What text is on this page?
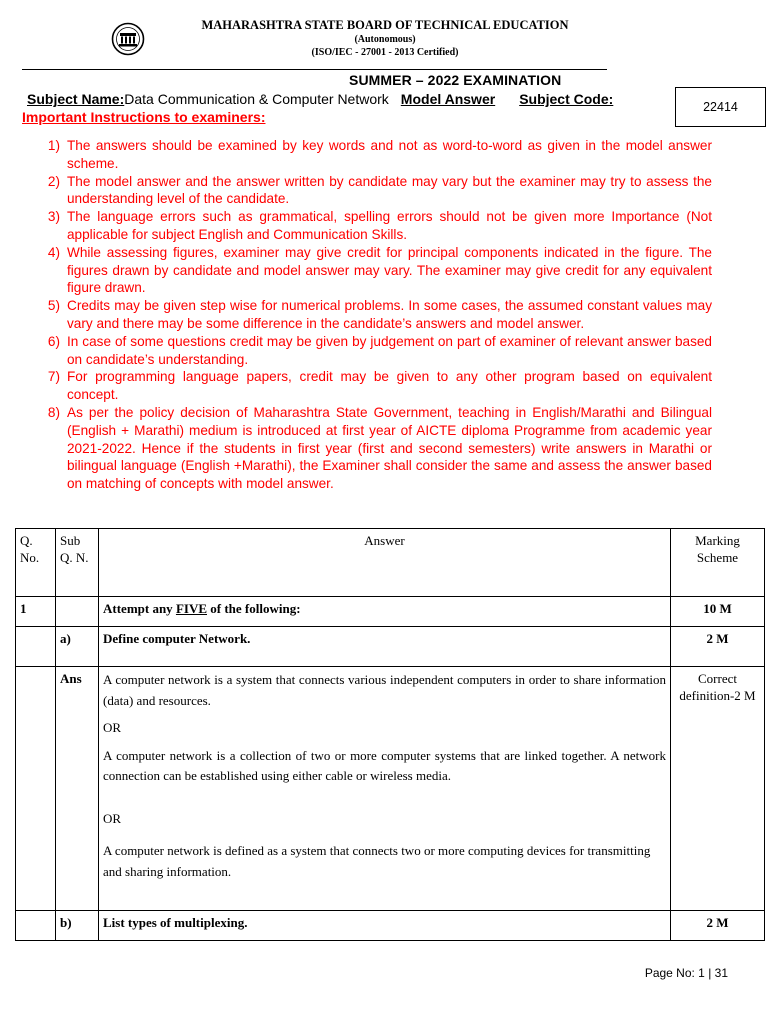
MAHARASHTRA STATE BOARD OF TECHNICAL EDUCATION
(Autonomous)
(ISO/IEC - 27001 - 2013 Certified)
SUMMER – 2022 EXAMINATION
Subject Name:Data Communication & Computer Network Model Answer Subject Code:	22414
Important Instructions to examiners:
1) The answers should be examined by key words and not as word-to-word as given in the model answer scheme.
2) The model answer and the answer written by candidate may vary but the examiner may try to assess the understanding level of the candidate.
3) The language errors such as grammatical, spelling errors should not be given more Importance (Not applicable for subject English and Communication Skills.
4) While assessing figures, examiner may give credit for principal components indicated in the figure. The figures drawn by candidate and model answer may vary. The examiner may give credit for any equivalent figure drawn.
5) Credits may be given step wise for numerical problems. In some cases, the assumed constant values may vary and there may be some difference in the candidate’s answers and model answer.
6) In case of some questions credit may be given by judgement on part of examiner of relevant answer based on candidate’s understanding.
7) For programming language papers, credit may be given to any other program based on equivalent concept.
8) As per the policy decision of Maharashtra State Government, teaching in English/Marathi and Bilingual (English + Marathi) medium is introduced at first year of AICTE diploma Programme from academic year 2021-2022. Hence if the students in first year (first and second semesters) write answers in Marathi or bilingual language (English +Marathi), the Examiner shall consider the same and assess the answer based on matching of concepts with model answer.
Q. No.	Sub Q. N.	Answer	Marking Scheme
1		Attempt any FIVE of the following:	10 M
	a)	Define computer Network.	2 M
	Ans	A computer network is a system that connects various independent computers in order to share information (data) and resources.

OR

A computer network is a collection of two or more computer systems that are linked together. A network connection can be established using either cable or wireless media.

OR

A computer network is defined as a system that connects two or more computing devices for transmitting and sharing information.	Correct definition-2 M
	b)	List types of multiplexing.	2 M
Page No: 1 | 31
